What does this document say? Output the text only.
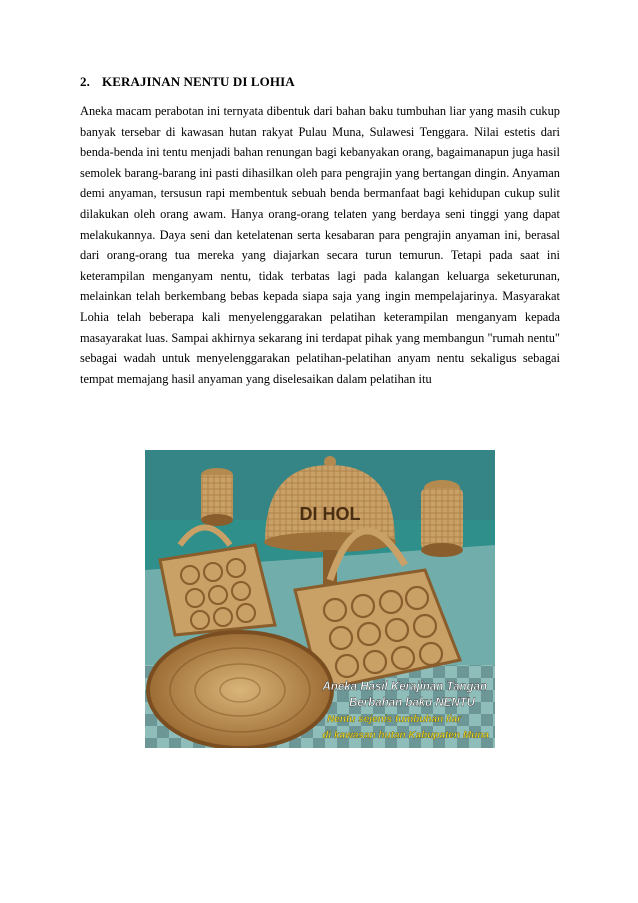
2. KERAJINAN NENTU DI LOHIA
Aneka macam perabotan ini ternyata dibentuk dari bahan baku tumbuhan liar yang masih cukup banyak tersebar di kawasan hutan rakyat Pulau Muna, Sulawesi Tenggara. Nilai estetis dari benda-benda ini tentu menjadi bahan renungan bagi kebanyakan orang, bagaimanapun juga hasil semolek barang-barang ini pasti dihasilkan oleh para pengrajin yang bertangan dingin. Anyaman demi anyaman, tersusun rapi membentuk sebuah benda bermanfaat bagi kehidupan cukup sulit dilakukan oleh orang awam. Hanya orang-orang telaten yang berdaya seni tinggi yang dapat melakukannya. Daya seni dan ketelatenan serta kesabaran para pengrajin anyaman ini, berasal dari orang-orang tua mereka yang diajarkan secara turun temurun. Tetapi pada saat ini keterampilan menganyam nentu, tidak terbatas lagi pada kalangan keluarga seketurunan, melainkan telah berkembang bebas kepada siapa saja yang ingin mempelajarinya. Masyarakat Lohia telah beberapa kali menyelenggarakan pelatihan keterampilan menganyam kepada masayarakat luas. Sampai akhirnya sekarang ini terdapat pihak yang membangun "rumah nentu" sebagai wadah untuk menyelenggarakan pelatihan-pelatihan anyam nentu sekaligus sebagai tempat memajang hasil anyaman yang diselesaikan dalam pelatihan itu
DI HOL
Aneka Hasil Kerajinan Tangan
Berbahan baku NENTU
Nentu sejenis tumbuhan liar
di kawasan hutan Kabupaten Muna
